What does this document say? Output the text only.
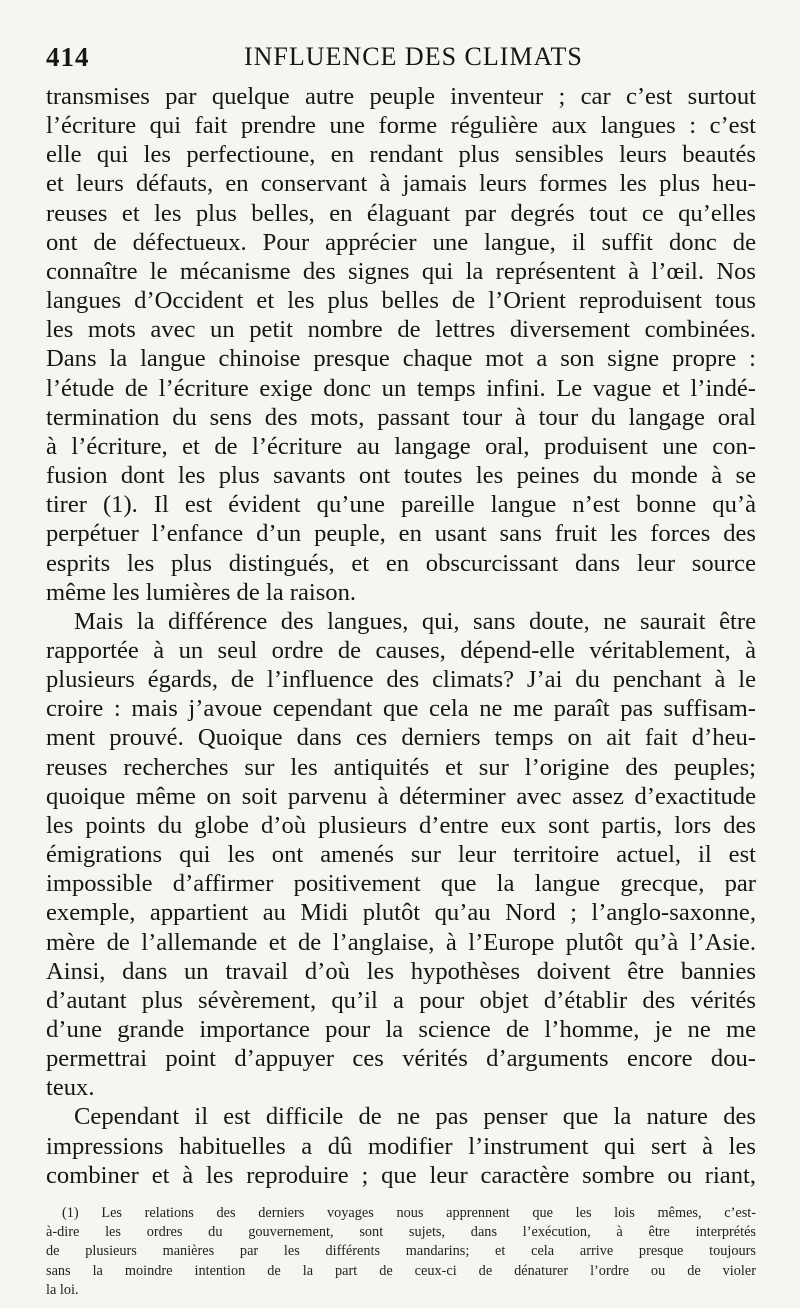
414	INFLUENCE DES CLIMATS
transmises par quelque autre peuple inventeur ; car c’est surtout
l’écriture qui fait prendre une forme régulière aux langues : c’est
elle qui les perfectioune, en rendant plus sensibles leurs beautés
et leurs défauts, en conservant à jamais leurs formes les plus heu-
reuses et les plus belles, en élaguant par degrés tout ce qu’elles
ont de défectueux. Pour apprécier une langue, il suffit donc de
connaître le mécanisme des signes qui la représentent à l’œil. Nos
langues d’Occident et les plus belles de l’Orient reproduisent tous
les mots avec un petit nombre de lettres diversement combinées.
Dans la langue chinoise presque chaque mot a son signe propre :
l’étude de l’écriture exige donc un temps infini. Le vague et l’indé-
termination du sens des mots, passant tour à tour du langage oral
à l’écriture, et de l’écriture au langage oral, produisent une con-
fusion dont les plus savants ont toutes les peines du monde à se
tirer (1). Il est évident qu’une pareille langue n’est bonne qu’à
perpétuer l’enfance d’un peuple, en usant sans fruit les forces des
esprits les plus distingués, et en obscurcissant dans leur source
même les lumières de la raison.
Mais la différence des langues, qui, sans doute, ne saurait être
rapportée à un seul ordre de causes, dépend-elle véritablement, à
plusieurs égards, de l’influence des climats? J’ai du penchant à le
croire : mais j’avoue cependant que cela ne me paraît pas suffisam-
ment prouvé. Quoique dans ces derniers temps on ait fait d’heu-
reuses recherches sur les antiquités et sur l’origine des peuples;
quoique même on soit parvenu à déterminer avec assez d’exactitude
les points du globe d’où plusieurs d’entre eux sont partis, lors des
émigrations qui les ont amenés sur leur territoire actuel, il est
impossible d’affirmer positivement que la langue grecque, par
exemple, appartient au Midi plutôt qu’au Nord ; l’anglo-saxonne,
mère de l’allemande et de l’anglaise, à l’Europe plutôt qu’à l’Asie.
Ainsi, dans un travail d’où les hypothèses doivent être bannies
d’autant plus sévèrement, qu’il a pour objet d’établir des vérités
d’une grande importance pour la science de l’homme, je ne me
permettrai point d’appuyer ces vérités d’arguments encore dou-
teux.
Cependant il est difficile de ne pas penser que la nature des
impressions habituelles a dû modifier l’instrument qui sert à les
combiner et à les reproduire ; que leur caractère sombre ou riant,
(1) Les relations des derniers voyages nous apprennent que les lois mêmes, c’est-
à-dire les ordres du gouvernement, sont sujets, dans l’exécution, à être interprétés
de plusieurs manières par les différents mandarins; et cela arrive presque toujours
sans la moindre intention de la part de ceux-ci de dénaturer l’ordre ou de violer
la loi.
